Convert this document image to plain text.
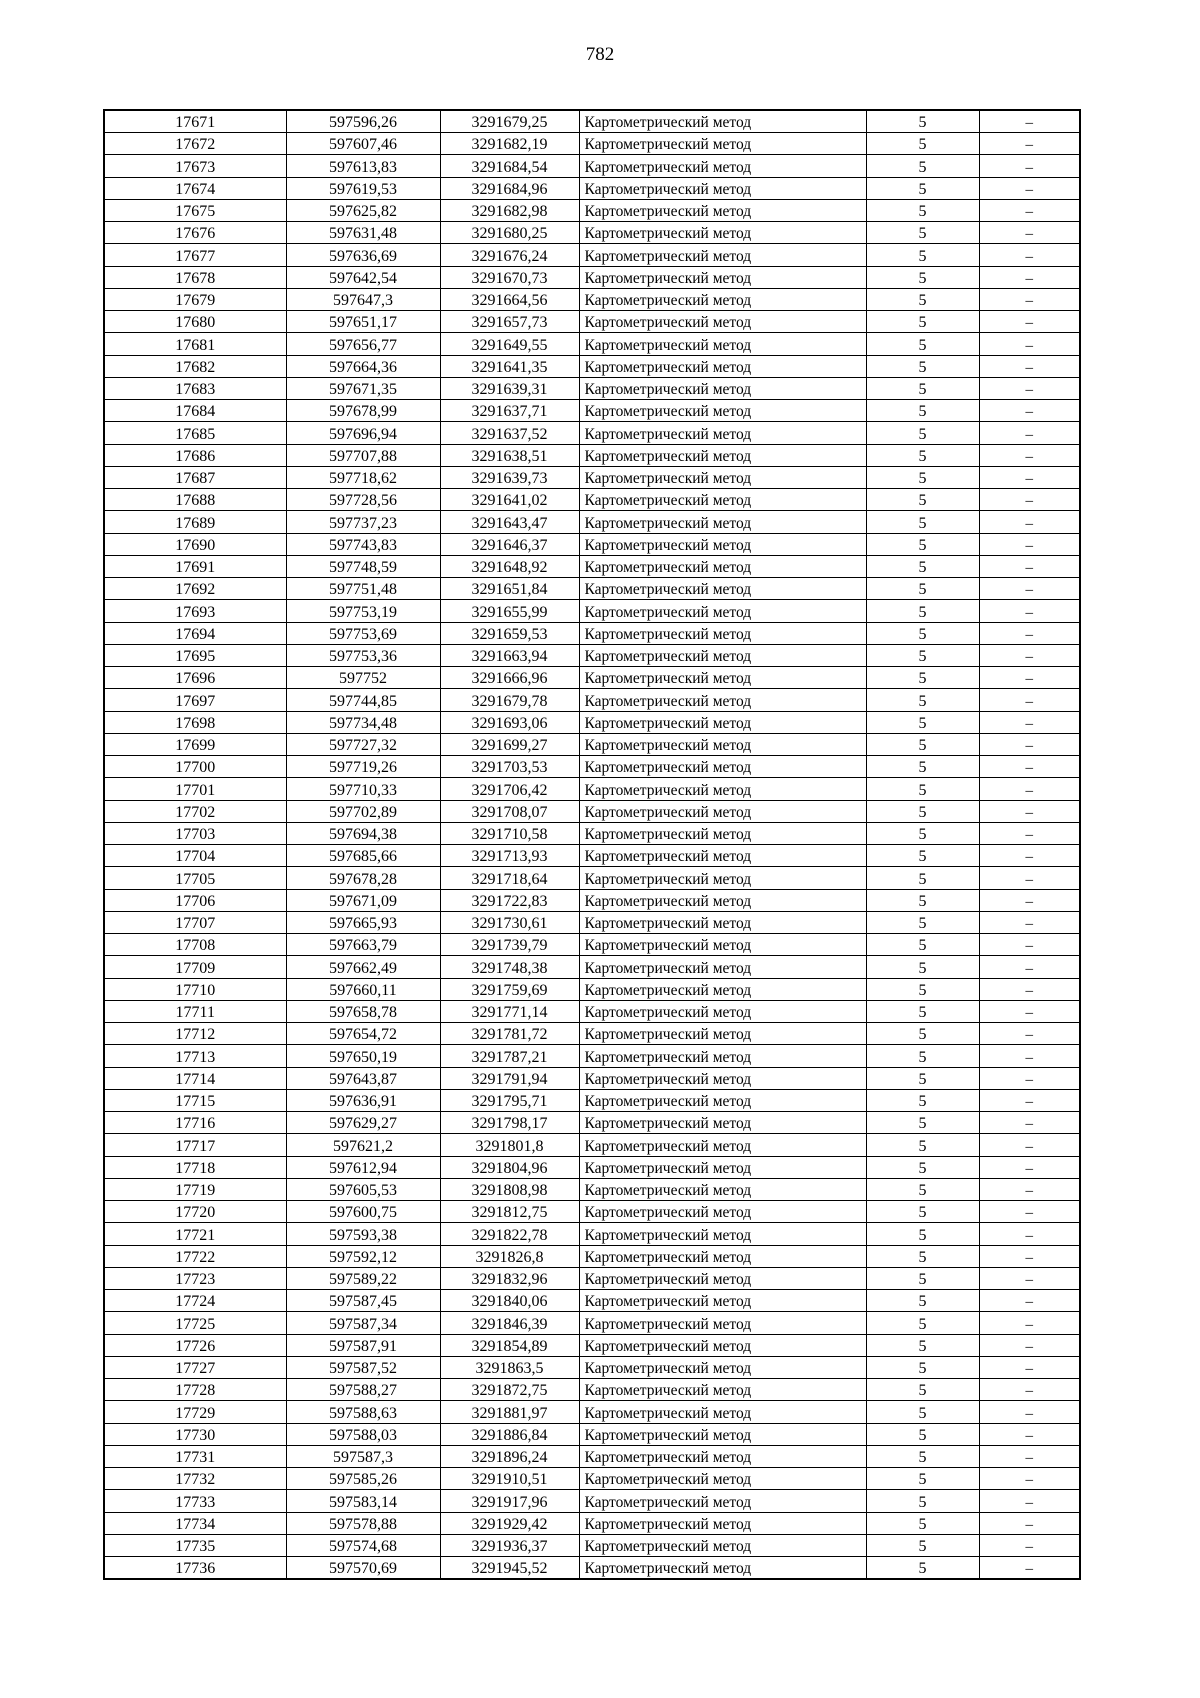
782
17671	597596,26	3291679,25	Картометрический метод	5	–
17672	597607,46	3291682,19	Картометрический метод	5	–
17673	597613,83	3291684,54	Картометрический метод	5	–
17674	597619,53	3291684,96	Картометрический метод	5	–
17675	597625,82	3291682,98	Картометрический метод	5	–
17676	597631,48	3291680,25	Картометрический метод	5	–
17677	597636,69	3291676,24	Картометрический метод	5	–
17678	597642,54	3291670,73	Картометрический метод	5	–
17679	597647,3	3291664,56	Картометрический метод	5	–
17680	597651,17	3291657,73	Картометрический метод	5	–
17681	597656,77	3291649,55	Картометрический метод	5	–
17682	597664,36	3291641,35	Картометрический метод	5	–
17683	597671,35	3291639,31	Картометрический метод	5	–
17684	597678,99	3291637,71	Картометрический метод	5	–
17685	597696,94	3291637,52	Картометрический метод	5	–
17686	597707,88	3291638,51	Картометрический метод	5	–
17687	597718,62	3291639,73	Картометрический метод	5	–
17688	597728,56	3291641,02	Картометрический метод	5	–
17689	597737,23	3291643,47	Картометрический метод	5	–
17690	597743,83	3291646,37	Картометрический метод	5	–
17691	597748,59	3291648,92	Картометрический метод	5	–
17692	597751,48	3291651,84	Картометрический метод	5	–
17693	597753,19	3291655,99	Картометрический метод	5	–
17694	597753,69	3291659,53	Картометрический метод	5	–
17695	597753,36	3291663,94	Картометрический метод	5	–
17696	597752	3291666,96	Картометрический метод	5	–
17697	597744,85	3291679,78	Картометрический метод	5	–
17698	597734,48	3291693,06	Картометрический метод	5	–
17699	597727,32	3291699,27	Картометрический метод	5	–
17700	597719,26	3291703,53	Картометрический метод	5	–
17701	597710,33	3291706,42	Картометрический метод	5	–
17702	597702,89	3291708,07	Картометрический метод	5	–
17703	597694,38	3291710,58	Картометрический метод	5	–
17704	597685,66	3291713,93	Картометрический метод	5	–
17705	597678,28	3291718,64	Картометрический метод	5	–
17706	597671,09	3291722,83	Картометрический метод	5	–
17707	597665,93	3291730,61	Картометрический метод	5	–
17708	597663,79	3291739,79	Картометрический метод	5	–
17709	597662,49	3291748,38	Картометрический метод	5	–
17710	597660,11	3291759,69	Картометрический метод	5	–
17711	597658,78	3291771,14	Картометрический метод	5	–
17712	597654,72	3291781,72	Картометрический метод	5	–
17713	597650,19	3291787,21	Картометрический метод	5	–
17714	597643,87	3291791,94	Картометрический метод	5	–
17715	597636,91	3291795,71	Картометрический метод	5	–
17716	597629,27	3291798,17	Картометрический метод	5	–
17717	597621,2	3291801,8	Картометрический метод	5	–
17718	597612,94	3291804,96	Картометрический метод	5	–
17719	597605,53	3291808,98	Картометрический метод	5	–
17720	597600,75	3291812,75	Картометрический метод	5	–
17721	597593,38	3291822,78	Картометрический метод	5	–
17722	597592,12	3291826,8	Картометрический метод	5	–
17723	597589,22	3291832,96	Картометрический метод	5	–
17724	597587,45	3291840,06	Картометрический метод	5	–
17725	597587,34	3291846,39	Картометрический метод	5	–
17726	597587,91	3291854,89	Картометрический метод	5	–
17727	597587,52	3291863,5	Картометрический метод	5	–
17728	597588,27	3291872,75	Картометрический метод	5	–
17729	597588,63	3291881,97	Картометрический метод	5	–
17730	597588,03	3291886,84	Картометрический метод	5	–
17731	597587,3	3291896,24	Картометрический метод	5	–
17732	597585,26	3291910,51	Картометрический метод	5	–
17733	597583,14	3291917,96	Картометрический метод	5	–
17734	597578,88	3291929,42	Картометрический метод	5	–
17735	597574,68	3291936,37	Картометрический метод	5	–
17736	597570,69	3291945,52	Картометрический метод	5	–
